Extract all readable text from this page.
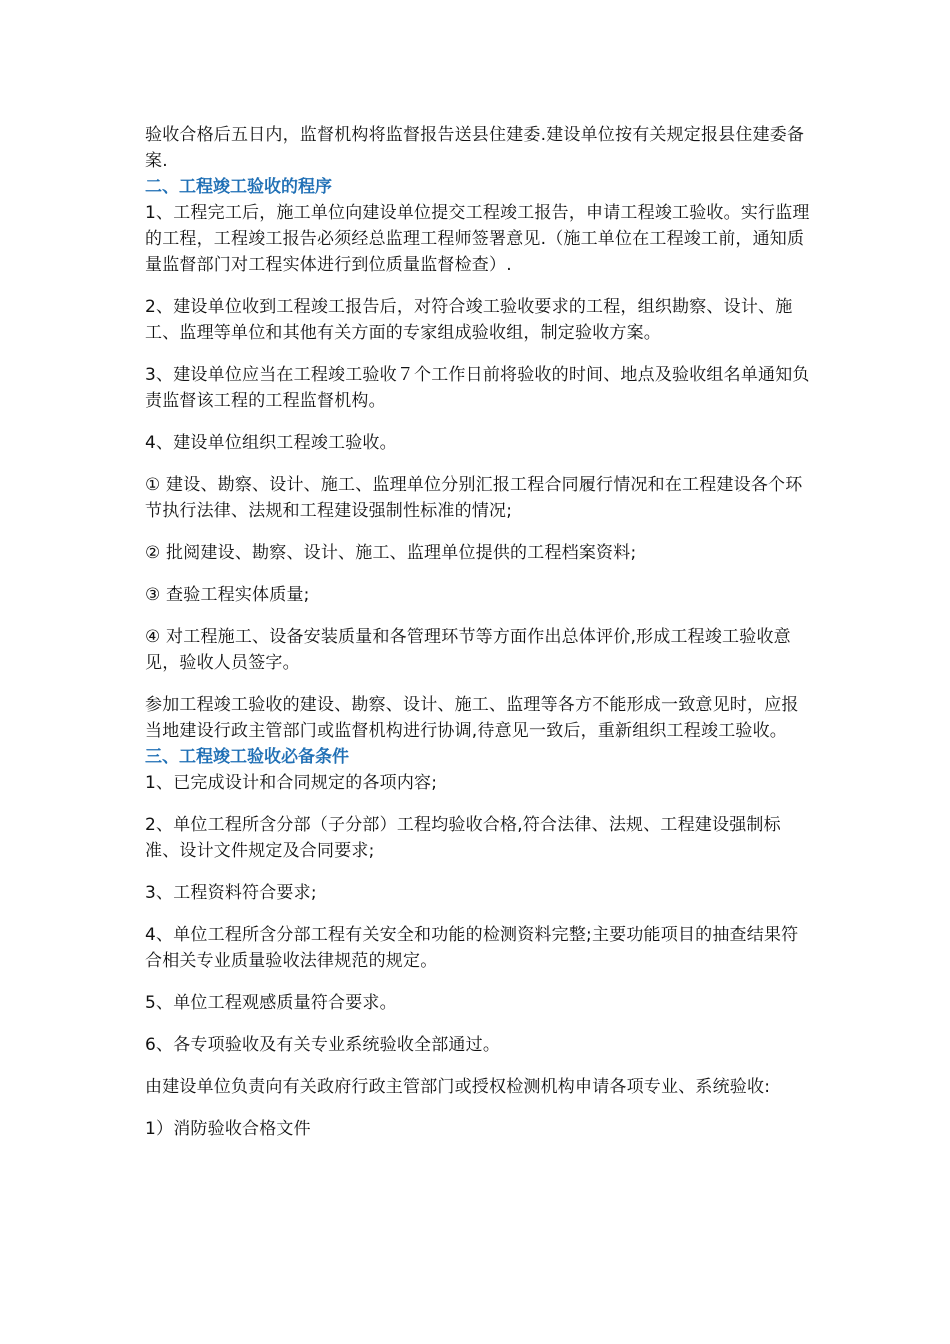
验收合格后五日内，监督机构将监督报告送县住建委.建设单位按有关规定报县住建委备案.

二、工程竣工验收的程序

1、工程完工后，施工单位向建设单位提交工程竣工报告，申请工程竣工验收。实行监理的工程，工程竣工报告必须经总监理工程师签署意见.（施工单位在工程竣工前，通知质量监督部门对工程实体进行到位质量监督检查）.

2、建设单位收到工程竣工报告后，对符合竣工验收要求的工程，组织勘察、设计、施工、监理等单位和其他有关方面的专家组成验收组，制定验收方案。

3、建设单位应当在工程竣工验收７个工作日前将验收的时间、地点及验收组名单通知负责监督该工程的工程监督机构。

4、建设单位组织工程竣工验收。

① 建设、勘察、设计、施工、监理单位分别汇报工程合同履行情况和在工程建设各个环节执行法律、法规和工程建设强制性标准的情况;

② 批阅建设、勘察、设计、施工、监理单位提供的工程档案资料;

③ 查验工程实体质量;

④ 对工程施工、设备安装质量和各管理环节等方面作出总体评价,形成工程竣工验收意见，验收人员签字。

参加工程竣工验收的建设、勘察、设计、施工、监理等各方不能形成一致意见时，应报当地建设行政主管部门或监督机构进行协调,待意见一致后，重新组织工程竣工验收。

三、工程竣工验收必备条件

1、已完成设计和合同规定的各项内容;

2、单位工程所含分部（子分部）工程均验收合格,符合法律、法规、工程建设强制标准、设计文件规定及合同要求;

3、工程资料符合要求;

4、单位工程所含分部工程有关安全和功能的检测资料完整;主要功能项目的抽查结果符合相关专业质量验收法律规范的规定。

5、单位工程观感质量符合要求。

6、各专项验收及有关专业系统验收全部通过。

由建设单位负责向有关政府行政主管部门或授权检测机构申请各项专业、系统验收:

1）消防验收合格文件
